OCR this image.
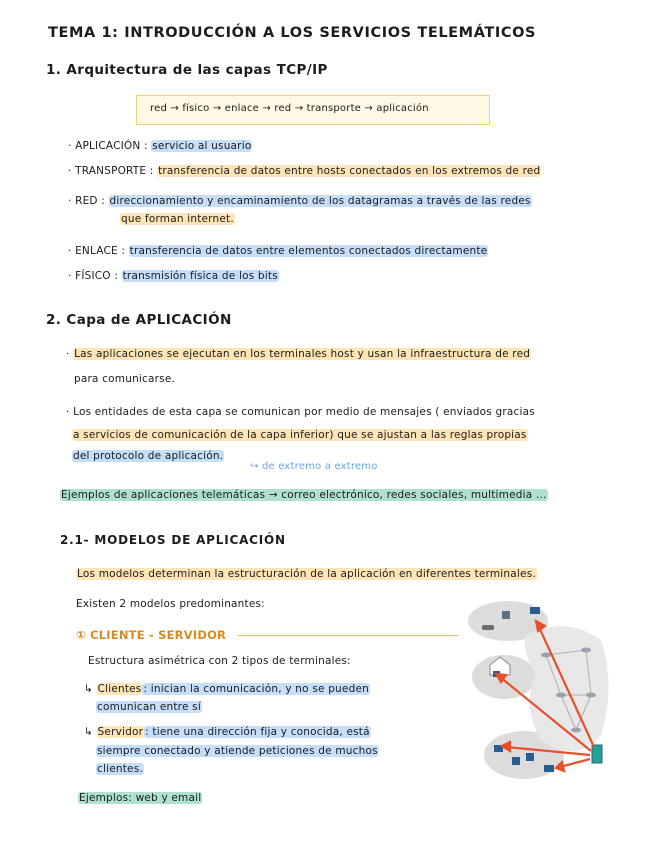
TEMA 1: INTRODUCCIÓN A LOS SERVICIOS TELEMÁTICOS
1. Arquitectura de las capas TCP/IP
red → físico → enlace → red → transporte → aplicación
· APLICACIÓN : servicio al usuario
· TRANSPORTE : transferencia de datos entre hosts conectados en los extremos de red
· RED : direccionamiento y encaminamiento de los datagramas a través de las redes
que forman internet.
· ENLACE : transferencia de datos entre elementos conectados directamente
· FÍSICO : transmisión física de los bits
2. Capa de APLICACIÓN
· Las aplicaciones se ejecutan en los terminales host y usan la infraestructura de red
para comunicarse.
· Los entidades de esta capa se comunican por medio de mensajes ( enviados gracias
a servicios de comunicación de la capa inferior) que se ajustan a las reglas propias
del protocolo de aplicación.
↪ de extremo a extremo
Ejemplos de aplicaciones telemáticas → correo electrónico, redes sociales, multimedia ...
2.1- MODELOS DE APLICACIÓN
Los modelos determinan la estructuración de la aplicación en diferentes terminales.
Existen 2 modelos predominantes:
① CLIENTE - SERVIDOR
Estructura asimétrica con 2 tipos de terminales:
↳ Clientes : inician la comunicación, y no se pueden
comunican entre sí
↳ Servidor : tiene una dirección fija y conocida, está
siempre conectado y atiende peticiones de muchos
clientes.
Ejemplos: web y email
